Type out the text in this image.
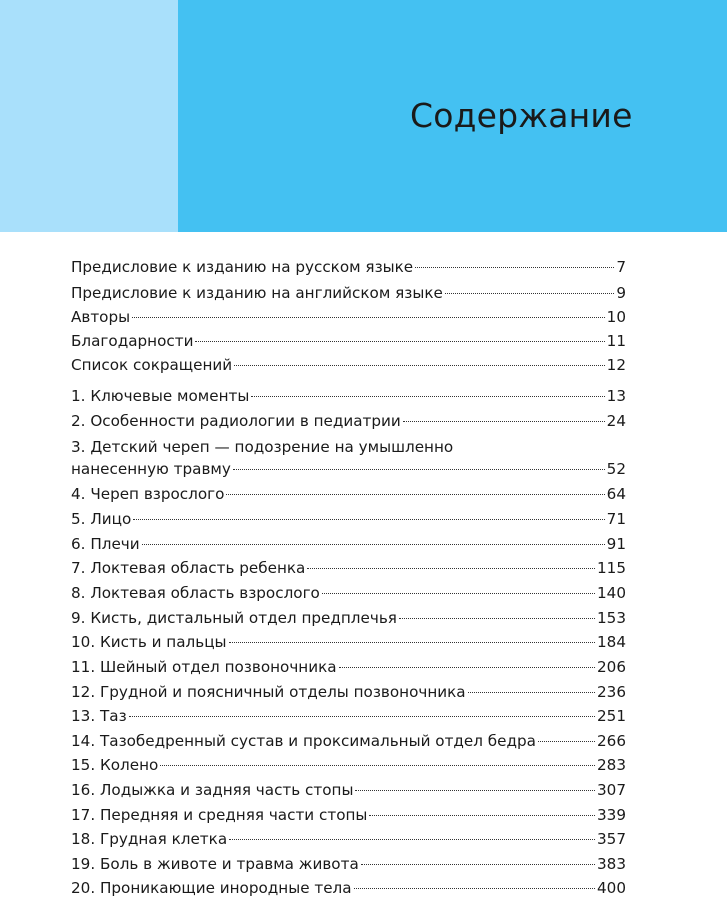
Содержание
Предисловие к изданию на русском языке	7
Предисловие к изданию на английском языке	9
Авторы	10
Благодарности	11
Список сокращений	12
1. Ключевые моменты	13
2. Особенности радиологии в педиатрии	24
3. Детский череп — подозрение на умышленно
нанесенную травму	52
4. Череп взрослого	64
5. Лицо	71
6. Плечи	91
7. Локтевая область ребенка	115
8. Локтевая область взрослого	140
9. Кисть, дистальный отдел предплечья	153
10. Кисть и пальцы	184
11. Шейный отдел позвоночника	206
12. Грудной и поясничный отделы позвоночника	236
13. Таз	251
14. Тазобедренный сустав и проксимальный отдел бедра	266
15. Колено	283
16. Лодыжка и задняя часть стопы	307
17. Передняя и средняя части стопы	339
18. Грудная клетка	357
19. Боль в животе и травма живота	383
20. Проникающие инородные тела	400
